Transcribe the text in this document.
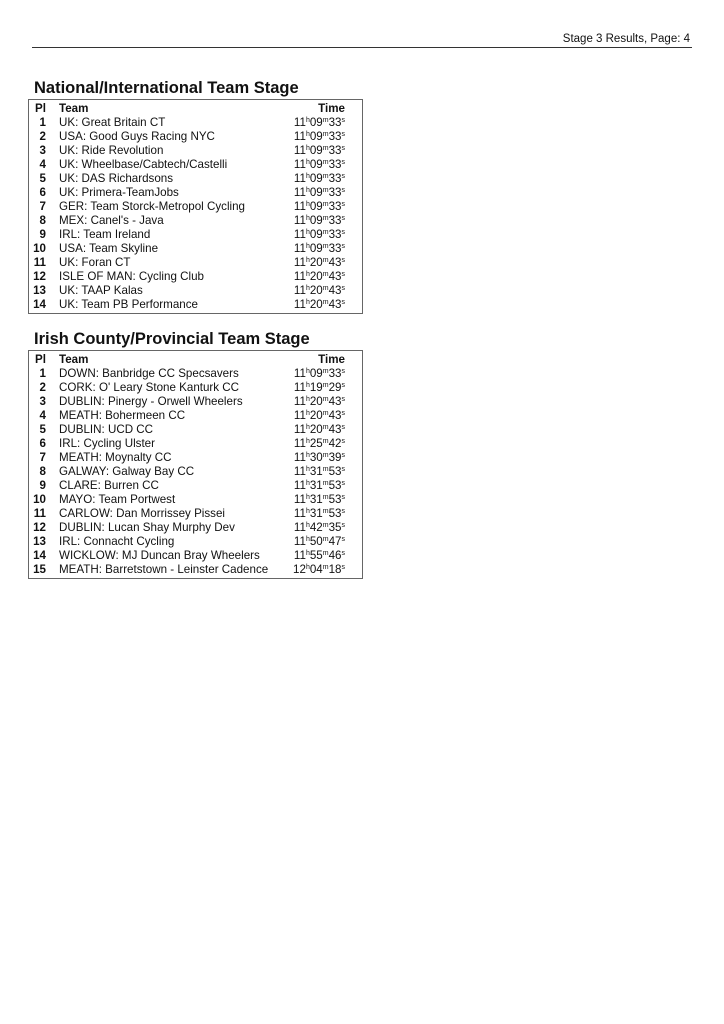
Stage 3 Results, Page: 4
National/International Team Stage
Pl	Team	Time
1	UK: Great Britain CT	11$^h$09$^m$33$^s$
2	USA: Good Guys Racing NYC	11$^h$09$^m$33$^s$
3	UK: Ride Revolution	11$^h$09$^m$33$^s$
4	UK: Wheelbase/Cabtech/Castelli	11$^h$09$^m$33$^s$
5	UK: DAS Richardsons	11$^h$09$^m$33$^s$
6	UK: Primera-TeamJobs	11$^h$09$^m$33$^s$
7	GER: Team Storck-Metropol Cycling	11$^h$09$^m$33$^s$
8	MEX: Canel's - Java	11$^h$09$^m$33$^s$
9	IRL: Team Ireland	11$^h$09$^m$33$^s$
10	USA: Team Skyline	11$^h$09$^m$33$^s$
11	UK: Foran CT	11$^h$20$^m$43$^s$
12	ISLE OF MAN: Cycling Club	11$^h$20$^m$43$^s$
13	UK: TAAP Kalas	11$^h$20$^m$43$^s$
14	UK: Team PB Performance	11$^h$20$^m$43$^s$
Irish County/Provincial Team Stage
Pl	Team	Time
1	DOWN: Banbridge CC Specsavers	11$^h$09$^m$33$^s$
2	CORK: O' Leary Stone Kanturk CC	11$^h$19$^m$29$^s$
3	DUBLIN: Pinergy - Orwell Wheelers	11$^h$20$^m$43$^s$
4	MEATH: Bohermeen CC	11$^h$20$^m$43$^s$
5	DUBLIN: UCD CC	11$^h$20$^m$43$^s$
6	IRL: Cycling Ulster	11$^h$25$^m$42$^s$
7	MEATH: Moynalty CC	11$^h$30$^m$39$^s$
8	GALWAY: Galway Bay CC	11$^h$31$^m$53$^s$
9	CLARE: Burren CC	11$^h$31$^m$53$^s$
10	MAYO: Team Portwest	11$^h$31$^m$53$^s$
11	CARLOW: Dan Morrissey Pissei	11$^h$31$^m$53$^s$
12	DUBLIN: Lucan Shay Murphy Dev	11$^h$42$^m$35$^s$
13	IRL: Connacht Cycling	11$^h$50$^m$47$^s$
14	WICKLOW: MJ Duncan Bray Wheelers	11$^h$55$^m$46$^s$
15	MEATH: Barretstown - Leinster Cadence	12$^h$04$^m$18$^s$
